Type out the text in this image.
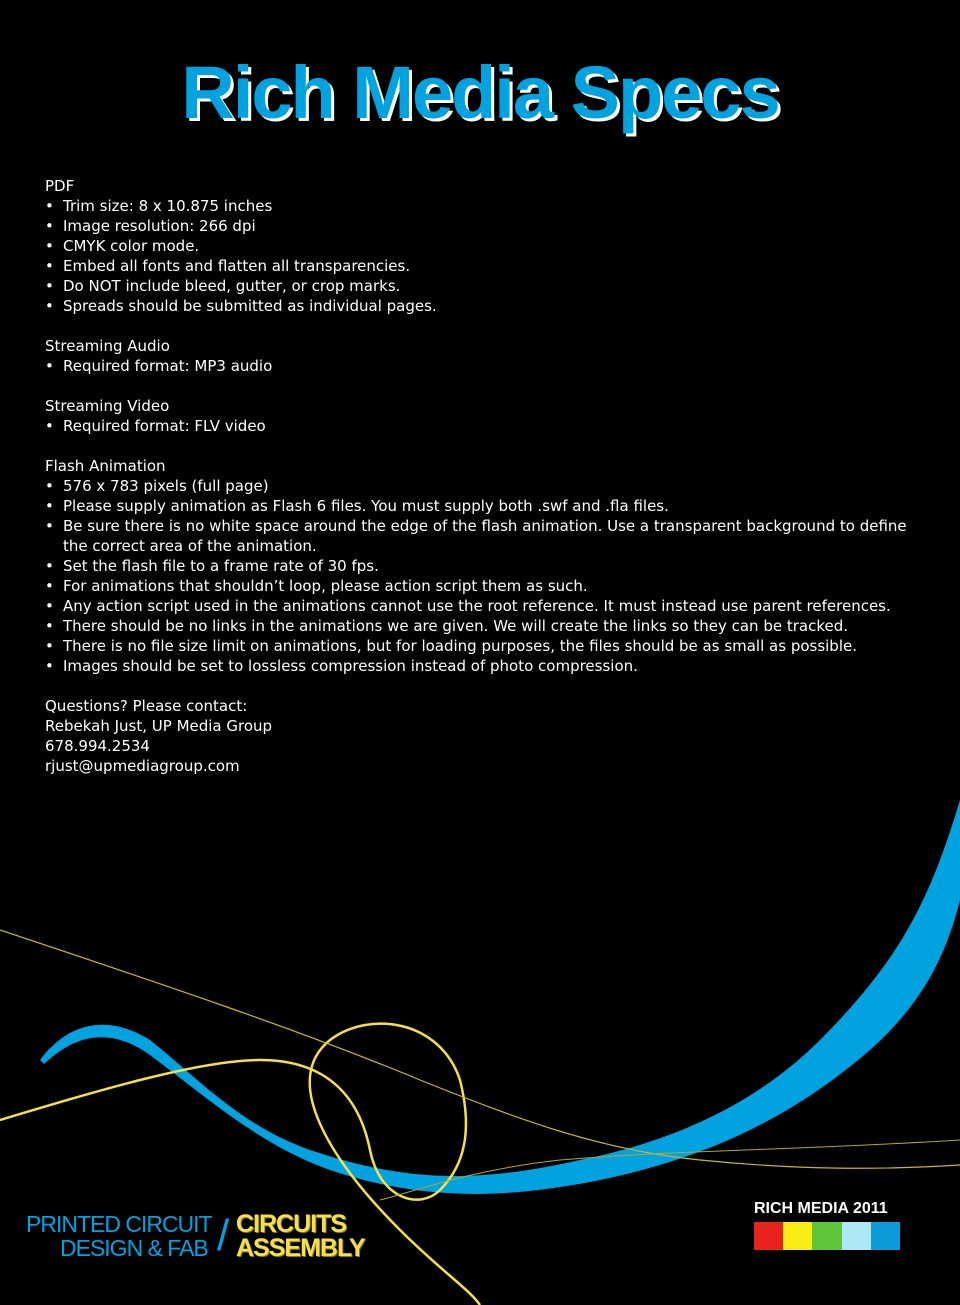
Rich Media Specs
PDF
• Trim size: 8 x 10.875 inches
• Image resolution: 266 dpi
• CMYK color mode.
• Embed all fonts and flatten all transparencies.
• Do NOT include bleed, gutter, or crop marks.
• Spreads should be submitted as individual pages.
Streaming Audio
• Required format: MP3 audio
Streaming Video
• Required format: FLV video
Flash Animation
• 576 x 783 pixels (full page)
• Please supply animation as Flash 6 files. You must supply both .swf and .fla files.
• Be sure there is no white space around the edge of the flash animation. Use a transparent background to define the correct area of the animation.
• Set the flash file to a frame rate of 30 fps.
• For animations that shouldn’t loop, please action script them as such.
• Any action script used in the animations cannot use the root reference. It must instead use parent references.
• There should be no links in the animations we are given. We will create the links so they can be tracked.
• There is no file size limit on animations, but for loading purposes, the files should be as small as possible.
• Images should be set to lossless compression instead of photo compression.
Questions? Please contact:
Rebekah Just, UP Media Group
678.994.2534
rjust@upmediagroup.com
PRINTED CIRCUIT
DESIGN & FAB / CIRCUITS
ASSEMBLY
RICH MEDIA 2011
